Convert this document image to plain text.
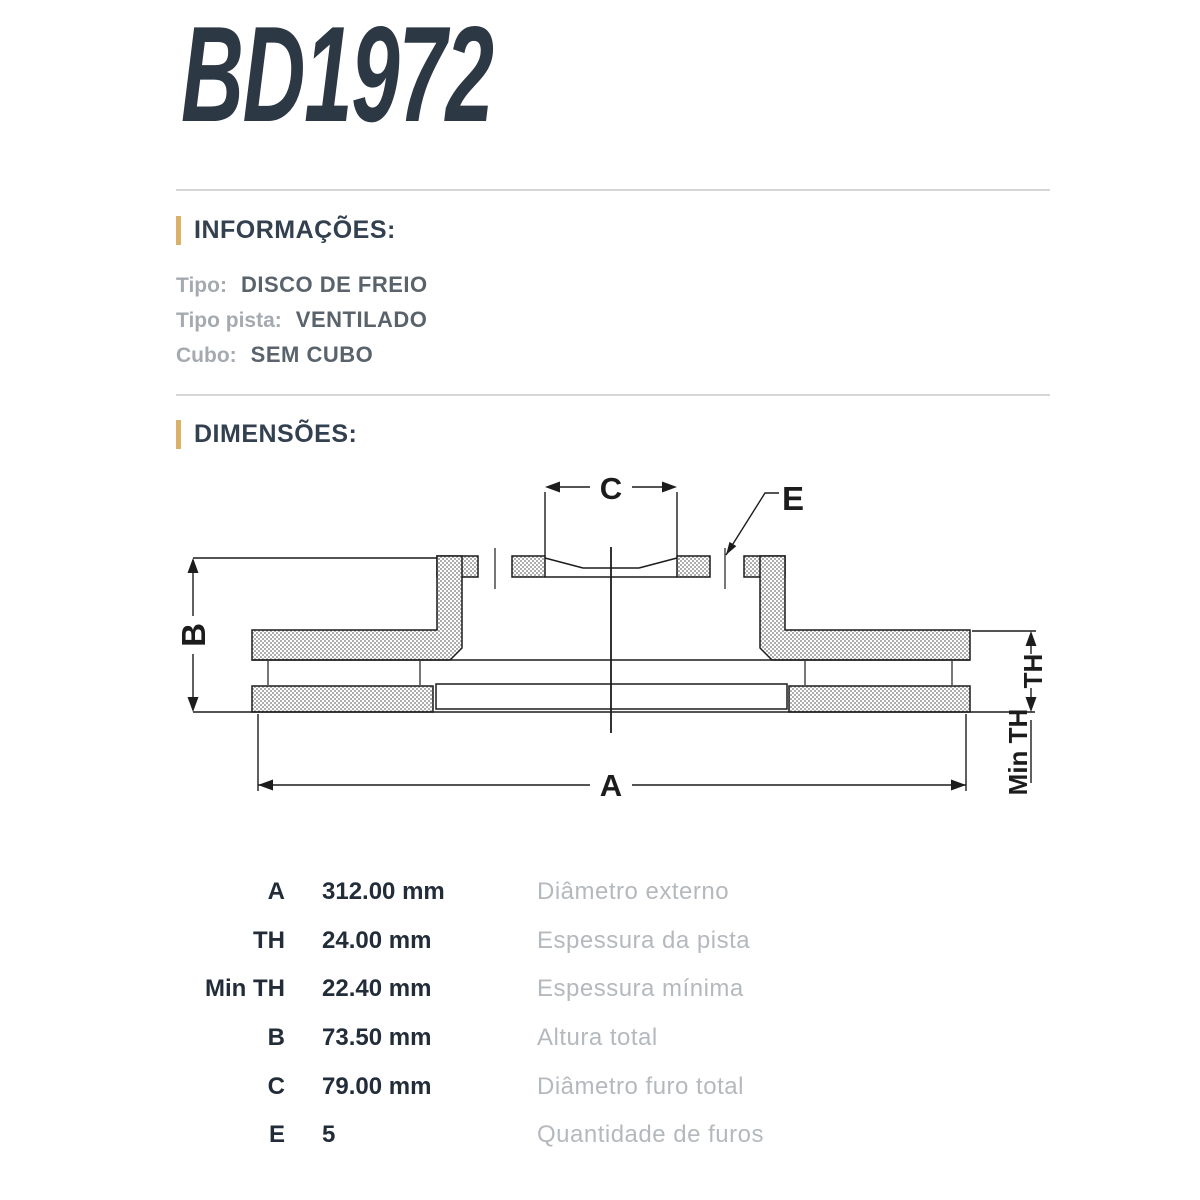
BD1972
INFORMAÇÕES:
Tipo: DISCO DE FREIO
Tipo pista: VENTILADO
Cubo: SEM CUBO
DIMENSÕES:
B
A
C	E
TH
Min TH
A 312.00 mm	Diâmetro externo
TH 24.00 mm	Espessura da pista
Min TH 22.40 mm	Espessura mínima
B 73.50 mm	Altura total
C 79.00 mm	Diâmetro furo total
E 5	Quantidade de furos
